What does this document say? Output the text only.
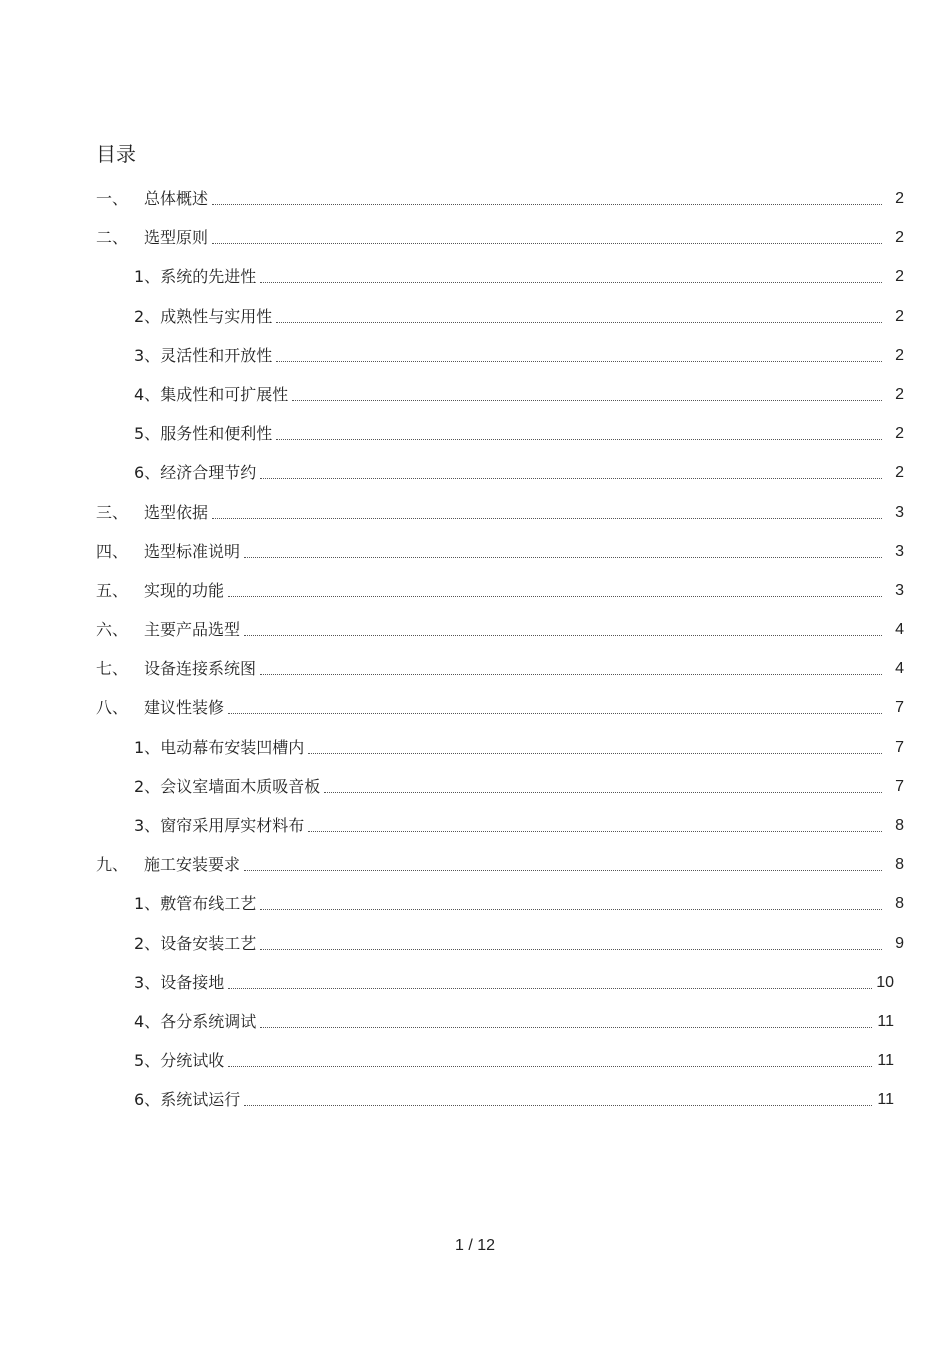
目录
一、 总体概述	2
二、 选型原则	2
1、 系统的先进性	2
2、 成熟性与实用性	2
3、 灵活性和开放性	2
4、 集成性和可扩展性	2
5、 服务性和便利性	2
6、 经济合理节约	2
三、 选型依据	3
四、 选型标准说明	3
五、 实现的功能	3
六、 主要产品选型	4
七、 设备连接系统图	4
八、 建议性装修	7
1、 电动幕布安装凹槽内	7
2、 会议室墙面木质吸音板	7
3、 窗帘采用厚实材料布	8
九、 施工安装要求	8
1、 敷管布线工艺	8
2、 设备安装工艺	9
3、 设备接地	10
4、 各分系统调试	11
5、 分统试收	11
6、 系统试运行	11
1 / 12
